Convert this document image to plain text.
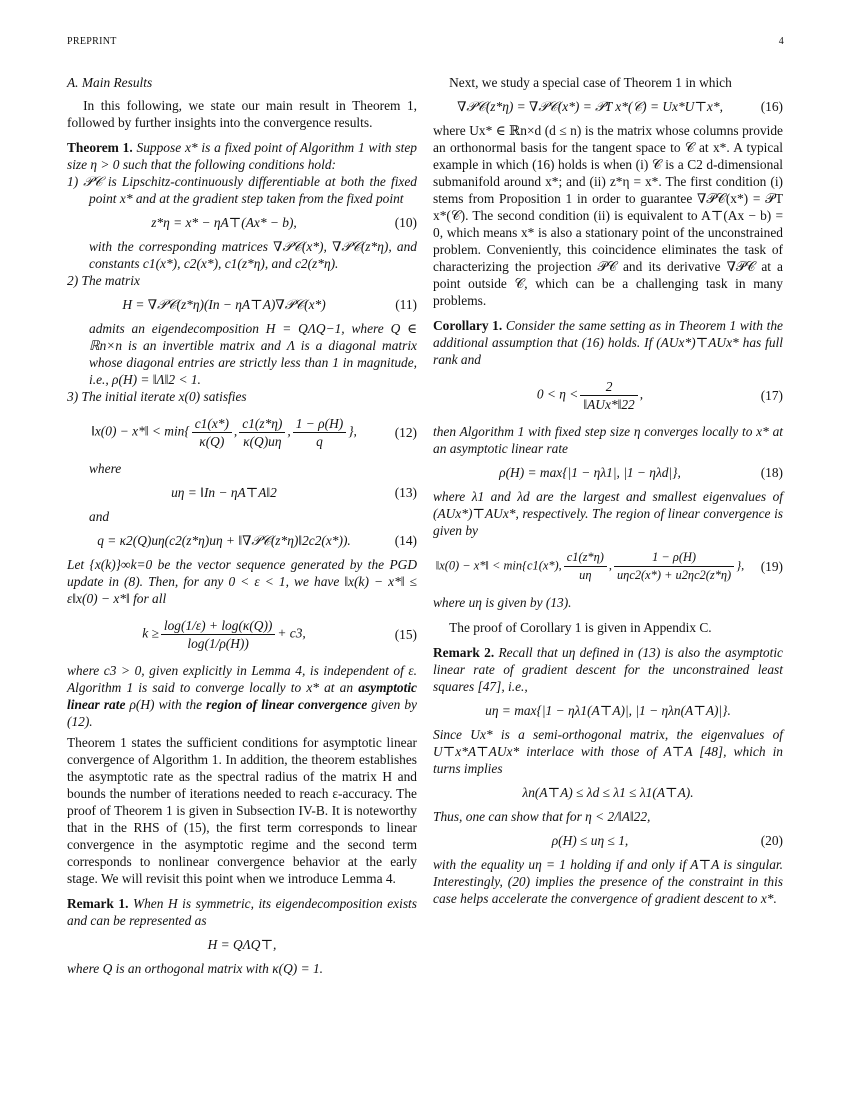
PREPRINT	4
A. Main Results

In this following, we state our main result in Theorem 1, followed by further insights into the convergence results.

Theorem 1. Suppose x* is a fixed point of Algorithm 1 with step size η > 0 such that the following conditions hold:

1) 𝒫𝒞 is Lipschitz-continuously differentiable at both the fixed point x* and at the gradient step taken from the fixed point

z*η = x* − ηA⊤(Ax* − b),	(10)

with the corresponding matrices ∇𝒫𝒞(x*), ∇𝒫𝒞(z*η), and constants c1(x*), c2(x*), c1(z*η), and c2(z*η).

2) The matrix

H = ∇𝒫𝒞(z*η)(In − ηA⊤A)∇𝒫𝒞(x*)	(11)

admits an eigendecomposition H = QΛQ−1, where Q ∈ ℝn×n is an invertible matrix and Λ is a diagonal matrix whose diagonal entries are strictly less than 1 in magnitude, i.e., ρ(H) = ‖Λ‖2 < 1.

3) The initial iterate x(0) satisfies

‖x(0) − x*‖ < $\min\{ \frac{c1(x*)}{\kappa(Q)}$ , $\frac{c1(z*\eta)}{\kappa(Q)u\eta}$ , $\frac{1 - \rho(H)}{q}$ },	(12)

where

uη = ‖In − ηA⊤A‖2	(13)

and

q = κ2(Q)uη(c2(z*η)uη + ‖∇𝒫𝒞(z*η)‖2c2(x*)).	(14)

Let {x(k)}∞k=0 be the vector sequence generated by the PGD update in (8). Then, for any 0 < ε < 1, we have ‖x(k) − x*‖ ≤ ε‖x(0) − x*‖ for all

$k \ge \frac{\log(1/\varepsilon) + \log(\kappa(Q))}{\log(1/\rho(H))} + c3$,	(15)

where c3 > 0, given explicitly in Lemma 4, is independent of ε. Algorithm 1 is said to converge locally to x* at an asymptotic linear rate ρ(H) with the region of linear convergence given by (12).

Theorem 1 states the sufficient conditions for asymptotic linear convergence of Algorithm 1. In addition, the theorem establishes the asymptotic rate as the spectral radius of the matrix H and bounds the number of iterations needed to reach ε-accuracy. The proof of Theorem 1 is given in Subsection IV-B. It is noteworthy that in the RHS of (15), the first term corresponds to linear convergence in the asymptotic regime and the second term corresponds to nonlinear convergence behavior at the early stage. We will revisit this point when we introduce Lemma 4.

Remark 1. When H is symmetric, its eigendecomposition exists and can be represented as

H = QΛQ⊤,

where Q is an orthogonal matrix with κ(Q) = 1.

Next, we study a special case of Theorem 1 in which

∇𝒫𝒞(z*η) = ∇𝒫𝒞(x*) = 𝒫T x*(𝒞) = Ux*U⊤x*,	(16)

where Ux* ∈ ℝn×d (d ≤ n) is the matrix whose columns provide an orthonormal basis for the tangent space to 𝒞 at x*. A typical example in which (16) holds is when (i) 𝒞 is a C2 d-dimensional submanifold around x*; and (ii) z*η = x*. The first condition (i) stems from Proposition 1 in order to guarantee ∇𝒫𝒞(x*) = 𝒫T x*(𝒞). The second condition (ii) is equivalent to A⊤(Ax − b) = 0, which means x* is also a stationary point of the unconstrained problem. Conveniently, this coincidence eliminates the task of characterizing the projection 𝒫𝒞 and its derivative ∇𝒫𝒞 at a point outside 𝒞, which can be a challenging task in many problems.

Corollary 1. Consider the same setting as in Theorem 1 with the additional assumption that (16) holds. If (AUx*)⊤AUx* has full rank and

$0 < \eta < \frac{2}{\text{‖AUx*‖22}}$ ,	(17)

then Algorithm 1 with fixed step size η converges locally to x* at an asymptotic linear rate

ρ(H) = max{|1 − ηλ1|, |1 − ηλd|},	(18)

where λ1 and λd are the largest and smallest eigenvalues of (AUx*)⊤AUx*, respectively. The region of linear convergence is given by

‖x(0) − x*‖ < min{c1(x*), $\frac{c1(z*\eta)}{u\eta}$ , $\frac{1 - \rho(H)}{\text{uηc2(x*) + u2ηc2(z*η)}}$ },	(19)

where uη is given by (13).

The proof of Corollary 1 is given in Appendix C.

Remark 2. Recall that uη defined in (13) is also the asymptotic linear rate of gradient descent for the unconstrained least squares [47], i.e.,

uη = max{|1 − ηλ1(A⊤A)|, |1 − ηλn(A⊤A)|}.

Since Ux* is a semi-orthogonal matrix, the eigenvalues of U⊤x*A⊤AUx* interlace with those of A⊤A [48], which in turns implies

λn(A⊤A) ≤ λd ≤ λ1 ≤ λ1(A⊤A).

Thus, one can show that for η < 2/‖A‖22,

ρ(H) ≤ uη ≤ 1,	(20)

with the equality uη = 1 holding if and only if A⊤A is singular. Interestingly, (20) implies the presence of the constraint in this case helps accelerate the convergence of gradient descent to x*.
